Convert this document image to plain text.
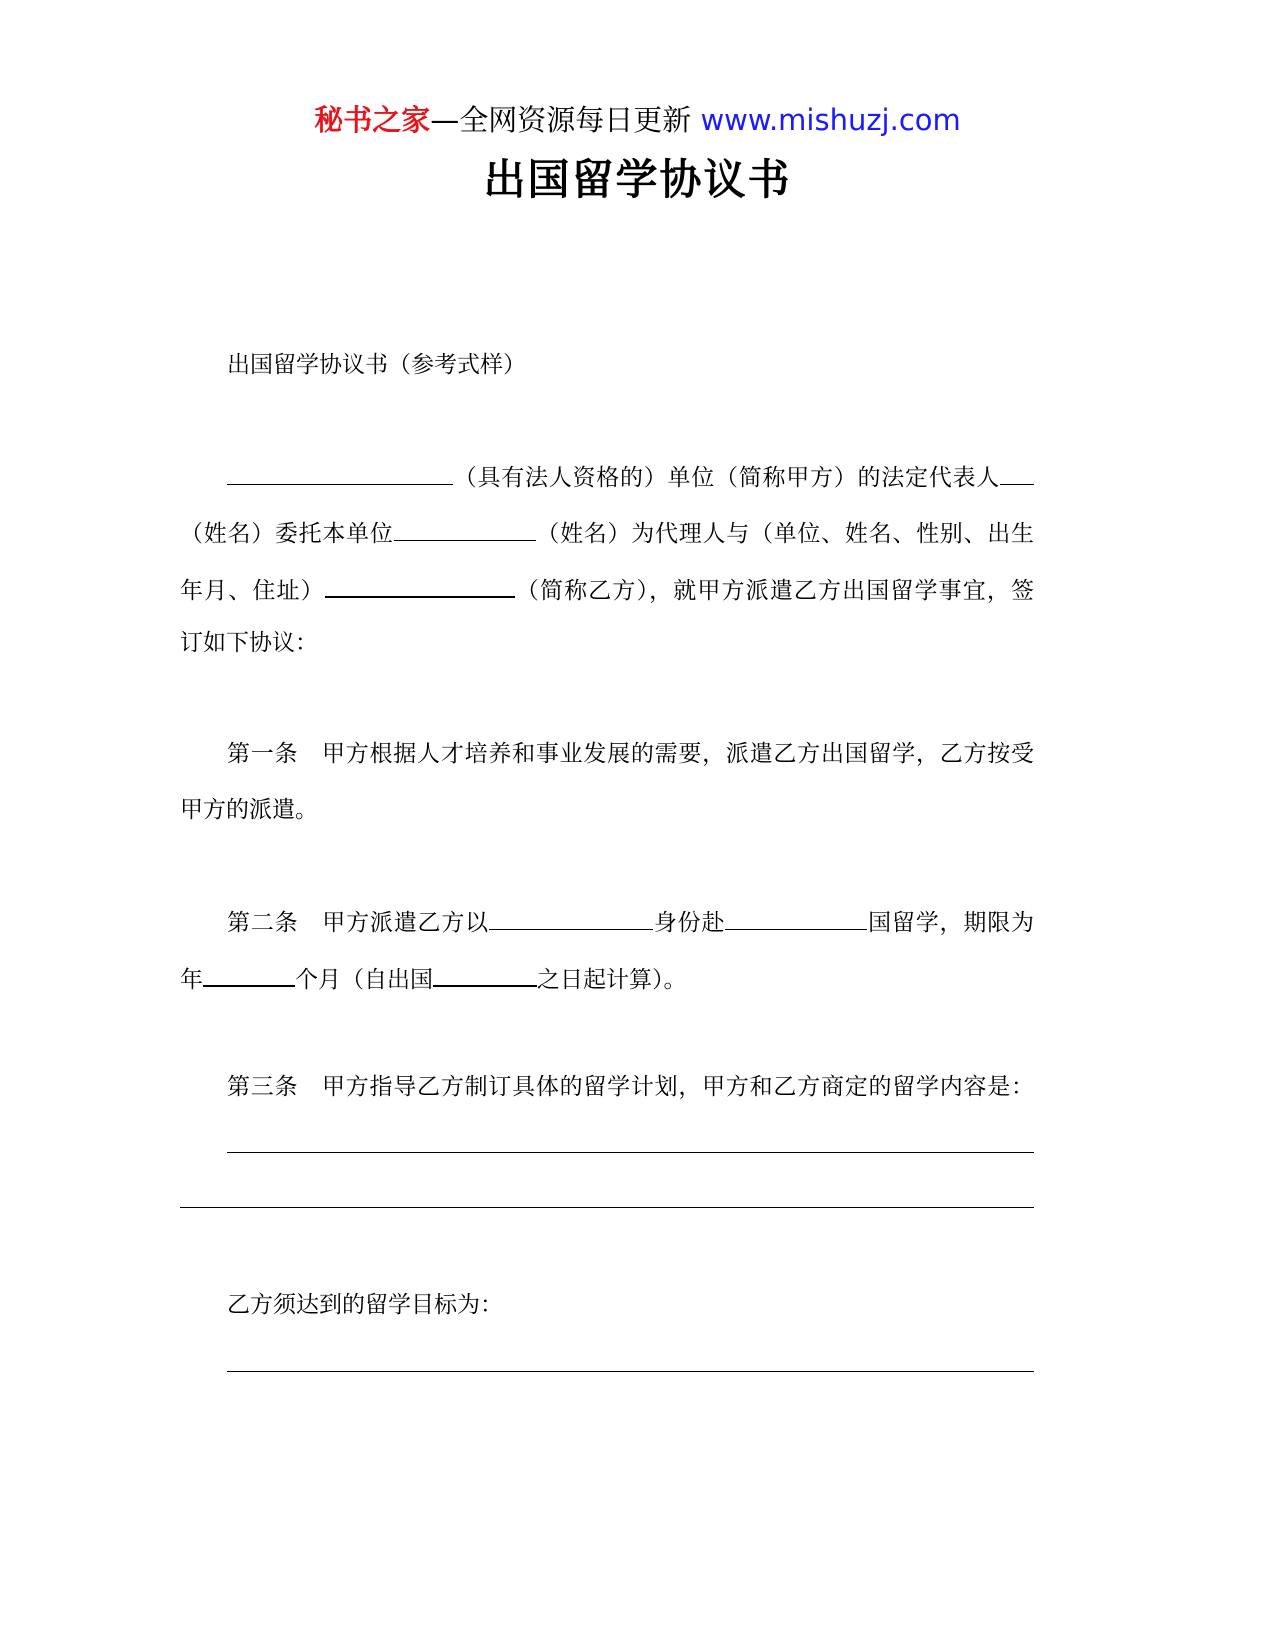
秘书之家—全网资源每日更新 www.mishuzj.com
出国留学协议书
出国留学协议书（参考式样）
（具有法人资格的）单位（简称甲方）的法定代表人
（姓名）委托本单位	（姓名）为代理人与（单位、姓名、性别、出生
年月、住址）	（简称乙方），就甲方派遣乙方出国留学事宜，签
订如下协议：
第一条　甲方根据人才培养和事业发展的需要，派遣乙方出国留学，乙方按受
甲方的派遣。
第二条　甲方派遣乙方以	身份赴	国留学，期限为
年	个月（自出国	之日起计算）。
第三条　甲方指导乙方制订具体的留学计划，甲方和乙方商定的留学内容是：
乙方须达到的留学目标为：
